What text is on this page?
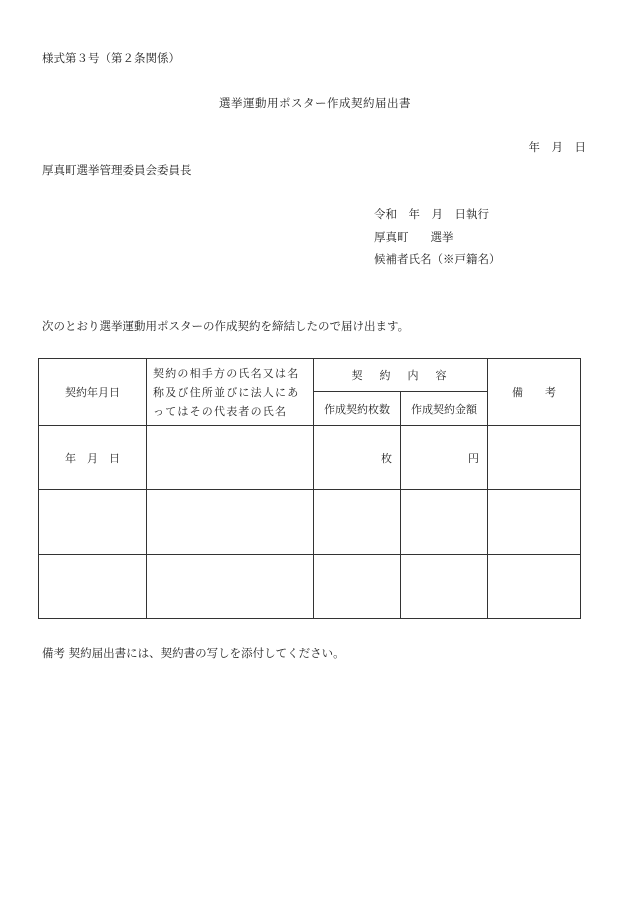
様式第３号（第２条関係）
選挙運動用ポスター作成契約届出書
年　月　日
厚真町選挙管理委員会委員長
令和　年　月　日執行
厚真町 選挙
候補者氏名（※戸籍名）
次のとおり選挙運動用ポスターの作成契約を締結したので届け出ます。
契約年月日	契約の相手方の氏名又は名称及び住所並びに法人にあってはその代表者の氏名	契　約　内　容		備　　考
		作成契約枚数	作成契約金額	
年　月　日		枚	円	

備考 契約届出書には、契約書の写しを添付してください。
